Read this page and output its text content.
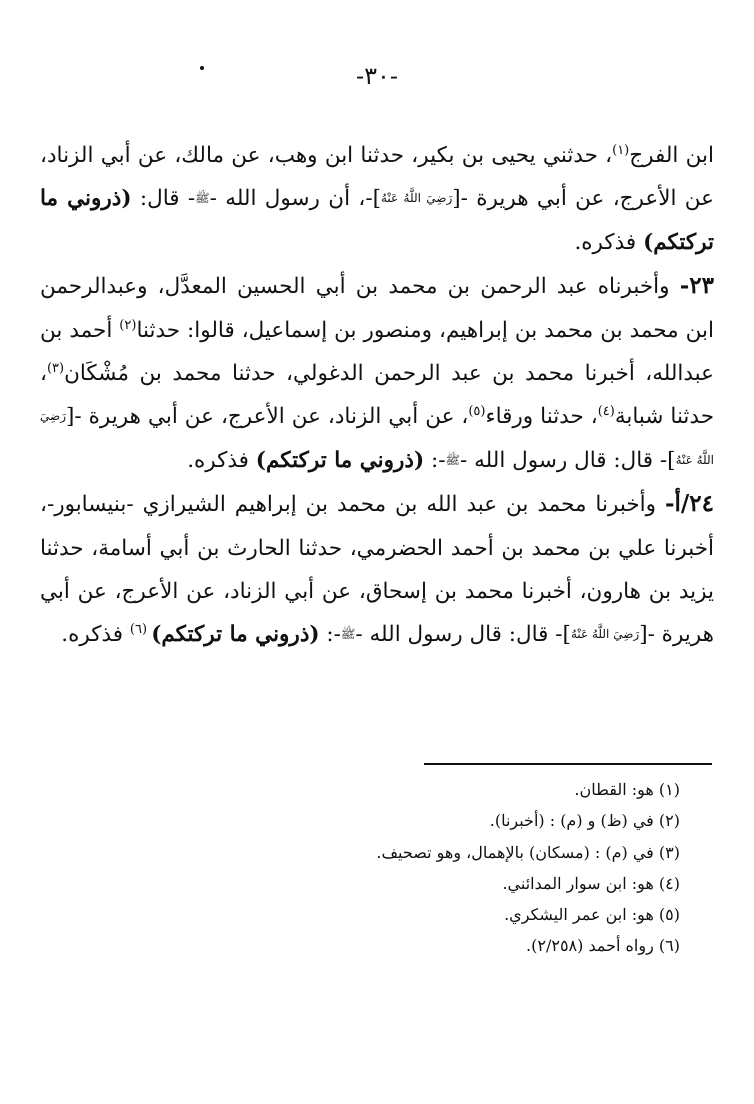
-٣٠-

ابن الفرج$^{(١)}$، حدثني يحيى بن بكير، حدثنا ابن وهب، عن مالك، عن أبي الزناد، عن الأعرج، عن أبي هريرة -[رَضِيَ اللَّهُ عَنْهُ]-، أن رسول الله -ﷺ- قال: (ذروني ما تركتكم) فذكره.

٢٣- وأخبرناه عبد الرحمن بن محمد بن أبي الحسين المعدَّل، وعبدالرحمن ابن محمد بن محمد بن إبراهيم، ومنصور بن إسماعيل، قالوا: حدثنا$^{(٢)}$ أحمد بن عبدالله، أخبرنا محمد بن عبد الرحمن الدغولي، حدثنا محمد بن مُشْكَان$^{(٣)}$، حدثنا شبابة$^{(٤)}$، حدثنا ورقاء$^{(٥)}$، عن أبي الزناد، عن الأعرج، عن أبي هريرة -[رَضِيَ اللَّهُ عَنْهُ]- قال: قال رسول الله -ﷺ-: (ذروني ما تركتكم) فذكره.

٢٤/أ- وأخبرنا محمد بن عبد الله بن محمد بن إبراهيم الشيرازي -بنيسابور-، أخبرنا علي بن محمد بن أحمد الحضرمي، حدثنا الحارث بن أبي أسامة، حدثنا يزيد بن هارون، أخبرنا محمد بن إسحاق، عن أبي الزناد، عن الأعرج، عن أبي هريرة -[رَضِيَ اللَّهُ عَنْهُ]- قال: قال رسول الله -ﷺ-: (ذروني ما تركتكم) $^{(٦)}$ فذكره.

(١) هو: القطان.

(٢) في (ظ) و (م) : (أخبرنا).

(٣) في (م) : (مسكان) بالإهمال، وهو تصحيف.

(٤) هو: ابن سوار المدائني.

(٥) هو: ابن عمر اليشكري.

(٦) رواه أحمد (٢/٢٥٨).
